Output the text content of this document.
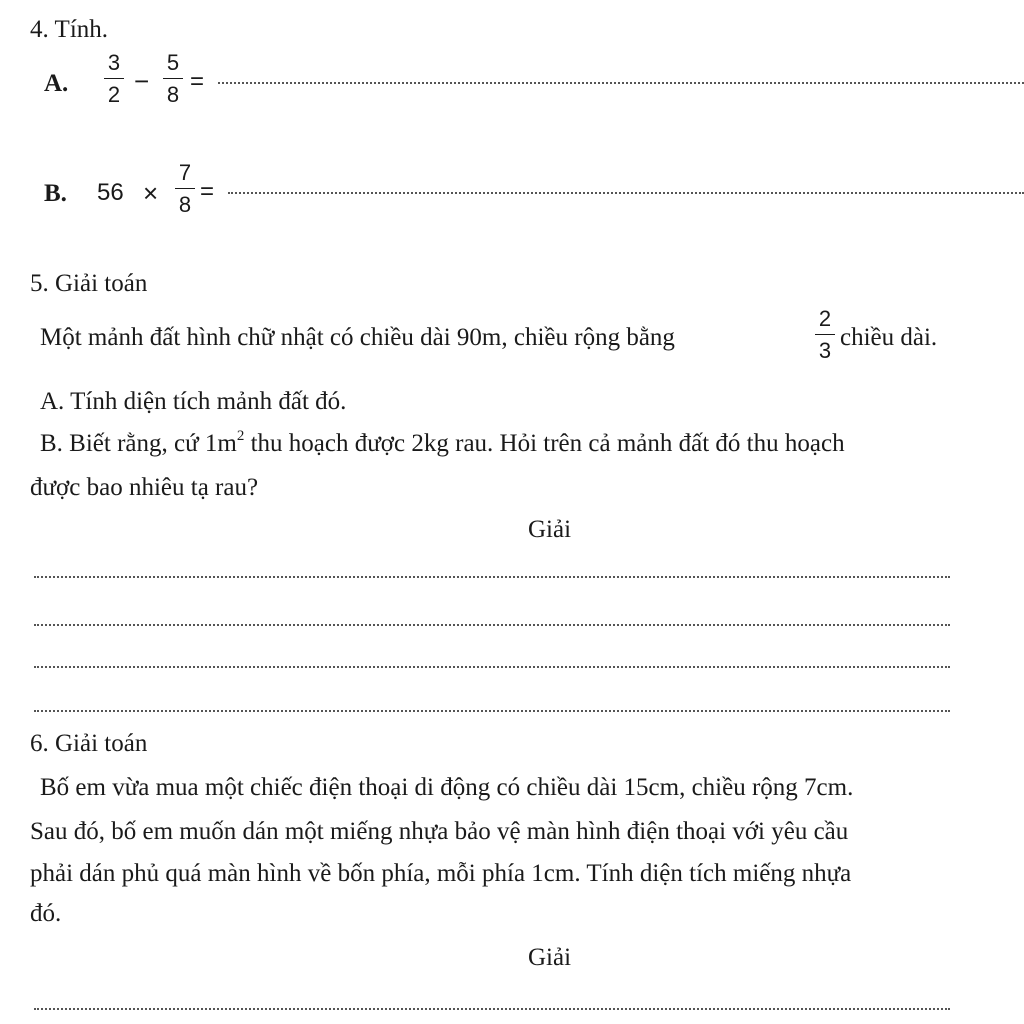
4. Tính.
A.
3
2 −
5
8 =
B. 56 ×
7
8 =
5. Giải toán
Một mảnh đất hình chữ nhật có chiều dài 90m, chiều rộng bằng
2
3 chiều dài.
A. Tính diện tích mảnh đất đó.
B. Biết rằng, cứ $1m^2$ thu hoạch được 2kg rau. Hỏi trên cả mảnh đất đó thu hoạch
được bao nhiêu tạ rau?
Giải
6. Giải toán
Bố em vừa mua một chiếc điện thoại di động có chiều dài 15cm, chiều rộng 7cm.
Sau đó, bố em muốn dán một miếng nhựa bảo vệ màn hình điện thoại với yêu cầu
phải dán phủ quá màn hình về bốn phía, mỗi phía 1cm. Tính diện tích miếng nhựa
đó.
Giải
